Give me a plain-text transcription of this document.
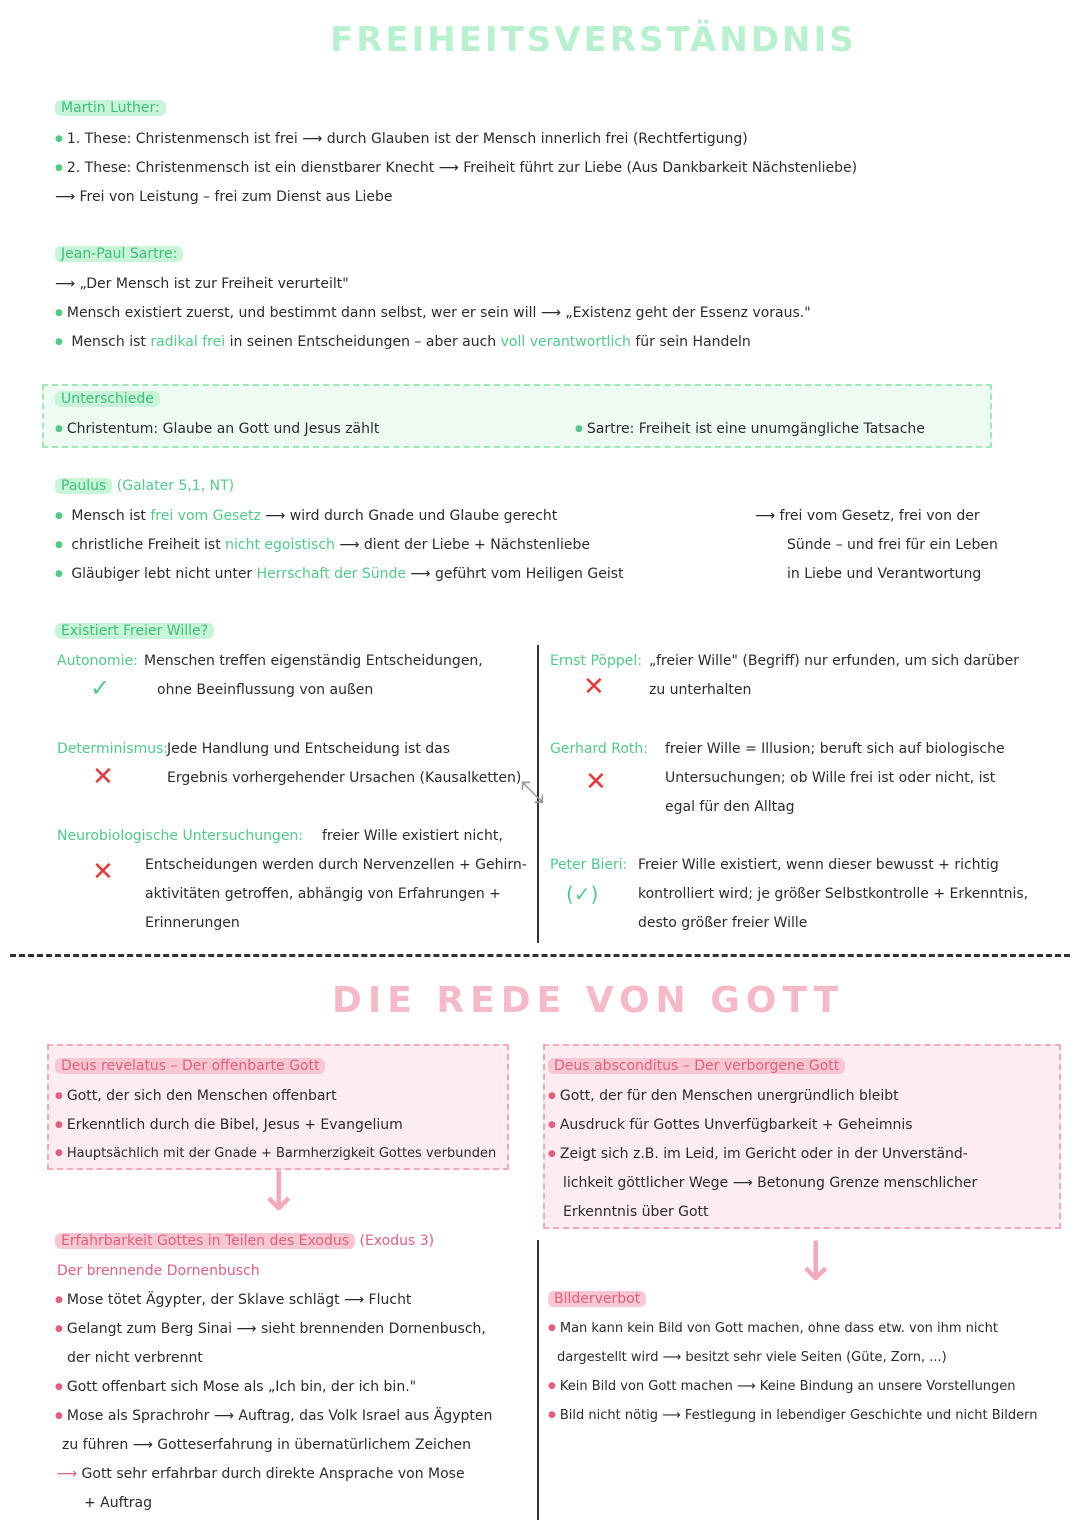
FREIHEITSVERSTÄNDNIS
Martin Luther:
● 1. These: Christenmensch ist frei ⟶ durch Glauben ist der Mensch innerlich frei (Rechtfertigung)
● 2. These: Christenmensch ist ein dienstbarer Knecht ⟶ Freiheit führt zur Liebe (Aus Dankbarkeit Nächstenliebe)
⟶ Frei von Leistung – frei zum Dienst aus Liebe
Jean-Paul Sartre:
⟶ „Der Mensch ist zur Freiheit verurteilt"
● Mensch existiert zuerst, und bestimmt dann selbst, wer er sein will ⟶ „Existenz geht der Essenz voraus."
● Mensch ist radikal frei in seinen Entscheidungen – aber auch voll verantwortlich für sein Handeln
Unterschiede
● Christentum: Glaube an Gott und Jesus zählt
●	Sartre: Freiheit ist eine unumgängliche Tatsache
Paulus (Galater 5,1, NT)
● Mensch ist frei vom Gesetz ⟶ wird durch Gnade und Glaube gerecht
● christliche Freiheit ist nicht egoistisch ⟶ dient der Liebe + Nächstenliebe
● Gläubiger lebt nicht unter Herrschaft der Sünde ⟶ geführt vom Heiligen Geist
⟶ frei vom Gesetz, frei von der
Sünde – und frei für ein Leben
in Liebe und Verantwortung
Existiert Freier Wille?
Autonomie: Menschen treffen eigenständig Entscheidungen,
ohne Beeinflussung von außen
✓
Determinismus:
Jede Handlung und Entscheidung ist das
Ergebnis vorhergehender Ursachen (Kausalketten)
✕
Neurobiologische Untersuchungen: freier Wille existiert nicht,
Entscheidungen werden durch Nervenzellen + Gehirn-
aktivitäten getroffen, abhängig von Erfahrungen +
Erinnerungen
✕
⤡
Ernst Pöppel: „freier Wille" (Begriff) nur erfunden, um sich darüber
zu unterhalten
✕
Gerhard Roth: freier Wille = Illusion; beruft sich auf biologische
Untersuchungen; ob Wille frei ist oder nicht, ist
egal für den Alltag
✕
Peter Bieri: Freier Wille existiert, wenn dieser bewusst + richtig
kontrolliert wird; je größer Selbstkontrolle + Erkenntnis,
desto größer freier Wille
(✓)
DIE REDE VON GOTT
Deus revelatus – Der offenbarte Gott
● Gott, der sich den Menschen offenbart
● Erkenntlich durch die Bibel, Jesus + Evangelium
● Hauptsächlich mit der Gnade + Barmherzigkeit Gottes verbunden
↓
Erfahrbarkeit Gottes in Teilen des Exodus (Exodus 3)
Der brennende Dornenbusch
● Mose tötet Ägypter, der Sklave schlägt ⟶ Flucht
● Gelangt zum Berg Sinai ⟶ sieht brennenden Dornenbusch,
der nicht verbrennt
● Gott offenbart sich Mose als „Ich bin, der ich bin."
● Mose als Sprachrohr ⟶ Auftrag, das Volk Israel aus Ägypten
zu führen ⟶ Gotteserfahrung in übernatürlichem Zeichen
⟶ Gott sehr erfahrbar durch direkte Ansprache von Mose
+ Auftrag
Deus absconditus – Der verborgene Gott
● Gott, der für den Menschen unergründlich bleibt
● Ausdruck für Gottes Unverfügbarkeit + Geheimnis
● Zeigt sich z.B. im Leid, im Gericht oder in der Unverständ-
lichkeit göttlicher Wege ⟶ Betonung Grenze menschlicher
Erkenntnis über Gott
↓
Bilderverbot
● Man kann kein Bild von Gott machen, ohne dass etw. von ihm nicht
dargestellt wird ⟶ besitzt sehr viele Seiten (Güte, Zorn, ...)
● Kein Bild von Gott machen ⟶ Keine Bindung an unsere Vorstellungen
● Bild nicht nötig ⟶ Festlegung in lebendiger Geschichte und nicht Bildern
